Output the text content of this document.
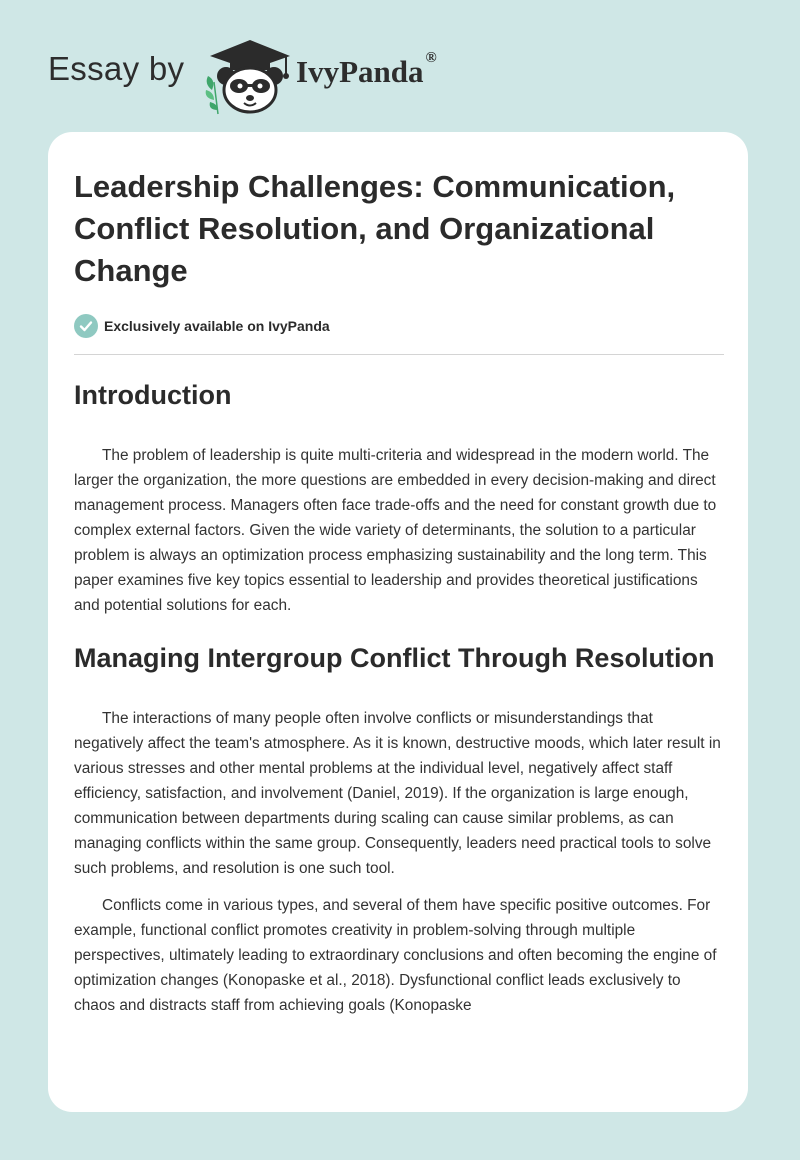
Essay by	IvyPanda ®
Leadership Challenges: Communication, Conflict Resolution, and Organizational Change
Exclusively available on IvyPanda
Introduction

The problem of leadership is quite multi-criteria and widespread in the modern world. The larger the organization, the more questions are embedded in every decision-making and direct management process. Managers often face trade-offs and the need for constant growth due to complex external factors. Given the wide variety of determinants, the solution to a particular problem is always an optimization process emphasizing sustainability and the long term. This paper examines five key topics essential to leadership and provides theoretical justifications and potential solutions for each.

Managing Intergroup Conflict Through Resolution

The interactions of many people often involve conflicts or misunderstandings that negatively affect the team's atmosphere. As it is known, destructive moods, which later result in various stresses and other mental problems at the individual level, negatively affect staff efficiency, satisfaction, and involvement (Daniel, 2019). If the organization is large enough, communication between departments during scaling can cause similar problems, as can managing conflicts within the same group. Consequently, leaders need practical tools to solve such problems, and resolution is one such tool.

Conflicts come in various types, and several of them have specific positive outcomes. For example, functional conflict promotes creativity in problem-solving through multiple perspectives, ultimately leading to extraordinary conclusions and often becoming the engine of optimization changes (Konopaske et al., 2018). Dysfunctional conflict leads exclusively to chaos and distracts staff from achieving goals (Konopaske
